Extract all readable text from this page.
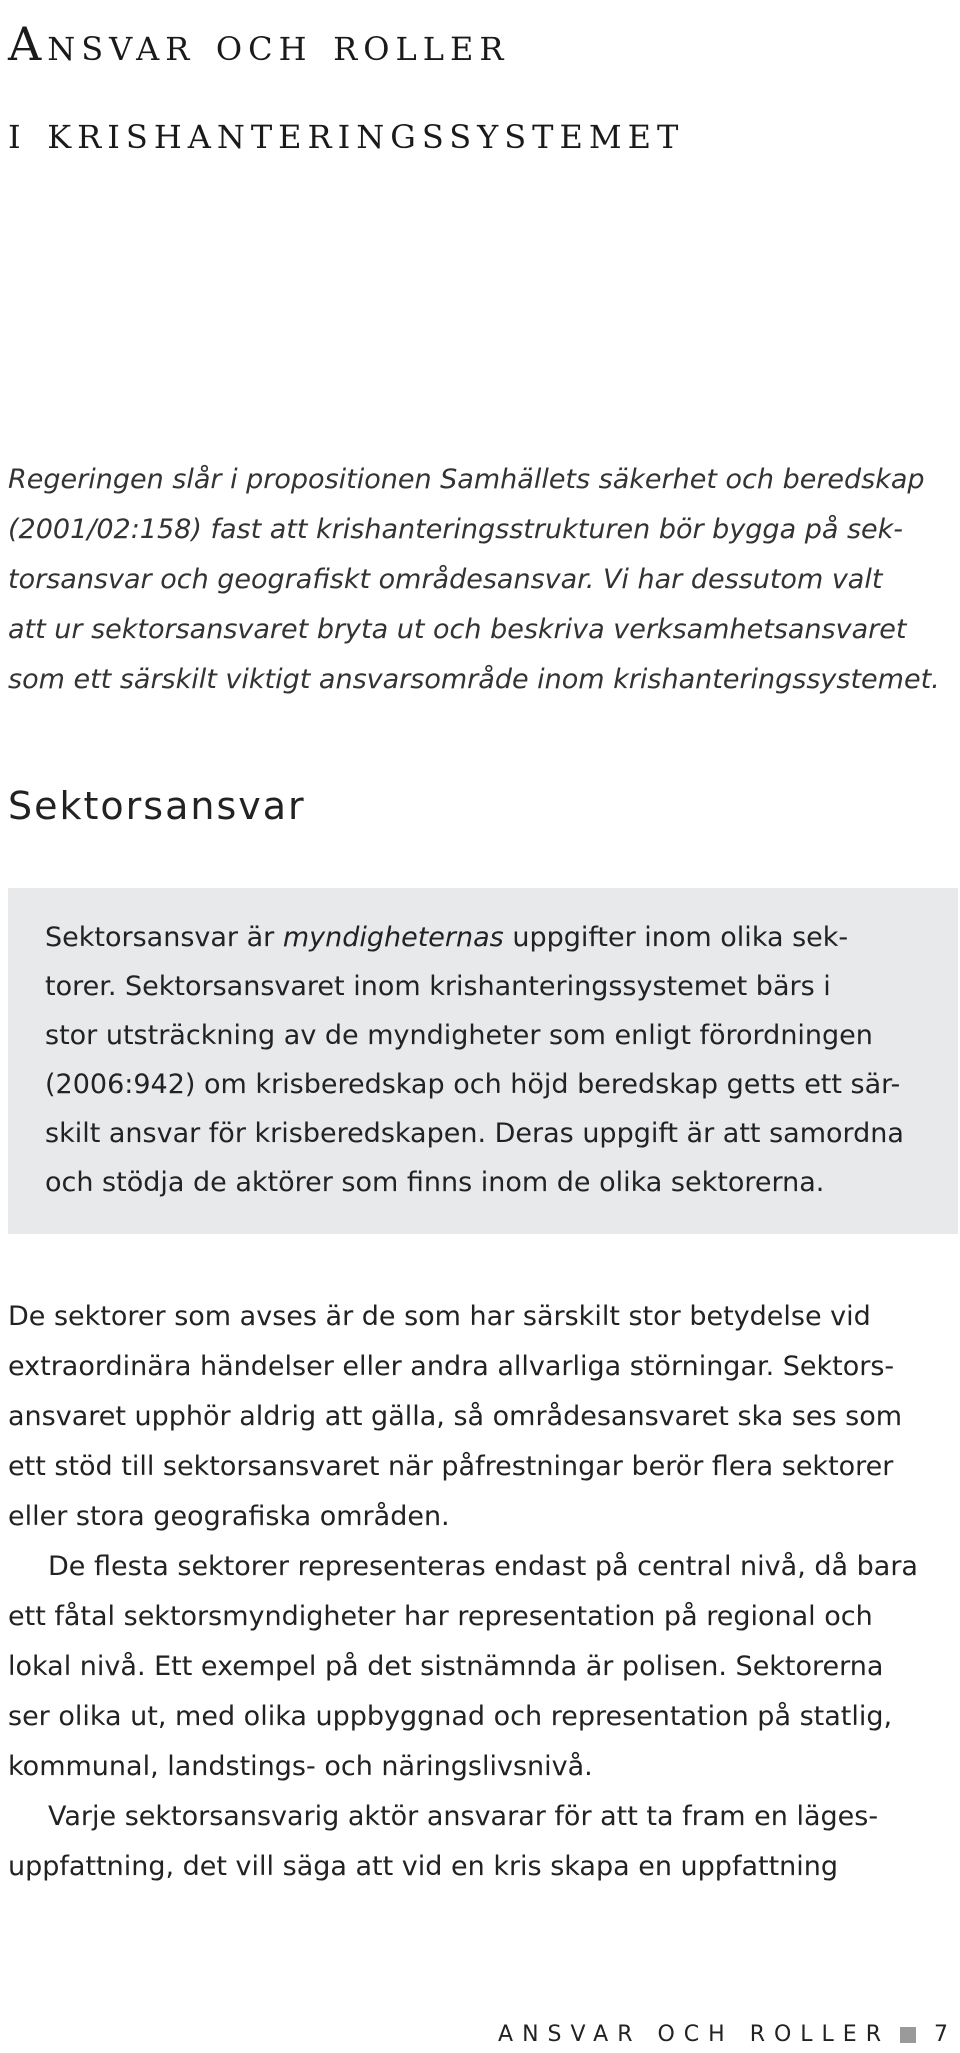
Ansvar och roller
i krishanteringssystemet

Regeringen slår i propositionen Samhällets säkerhet och beredskap
(2001/02:158) fast att krishanteringsstrukturen bör bygga på sek-
torsansvar och geografiskt områdesansvar. Vi har dessutom valt
att ur sektorsansvaret bryta ut och beskriva verksamhetsansvaret
som ett särskilt viktigt ansvarsområde inom krishanteringssystemet.

Sektorsansvar

Sektorsansvar är myndigheternas uppgifter inom olika sek-
torer. Sektorsansvaret inom krishanteringssystemet bärs i
stor utsträckning av de myndigheter som enligt förordningen
(2006:942) om krisberedskap och höjd beredskap getts ett sär-
skilt ansvar för krisberedskapen. Deras uppgift är att samordna
och stödja de aktörer som finns inom de olika sektorerna.

De sektorer som avses är de som har särskilt stor betydelse vid
extraordinära händelser eller andra allvarliga störningar. Sektors-
ansvaret upphör aldrig att gälla, så områdesansvaret ska ses som
ett stöd till sektorsansvaret när påfrestningar berör flera sektorer
eller stora geografiska områden.

De flesta sektorer representeras endast på central nivå, då bara
ett fåtal sektorsmyndigheter har representation på regional och
lokal nivå. Ett exempel på det sistnämnda är polisen. Sektorerna
ser olika ut, med olika uppbyggnad och representation på statlig,
kommunal, landstings- och näringslivsnivå.

Varje sektorsansvarig aktör ansvarar för att ta fram en läges-
uppfattning, det vill säga att vid en kris skapa en uppfattning

ANSVAR OCH ROLLER 7
